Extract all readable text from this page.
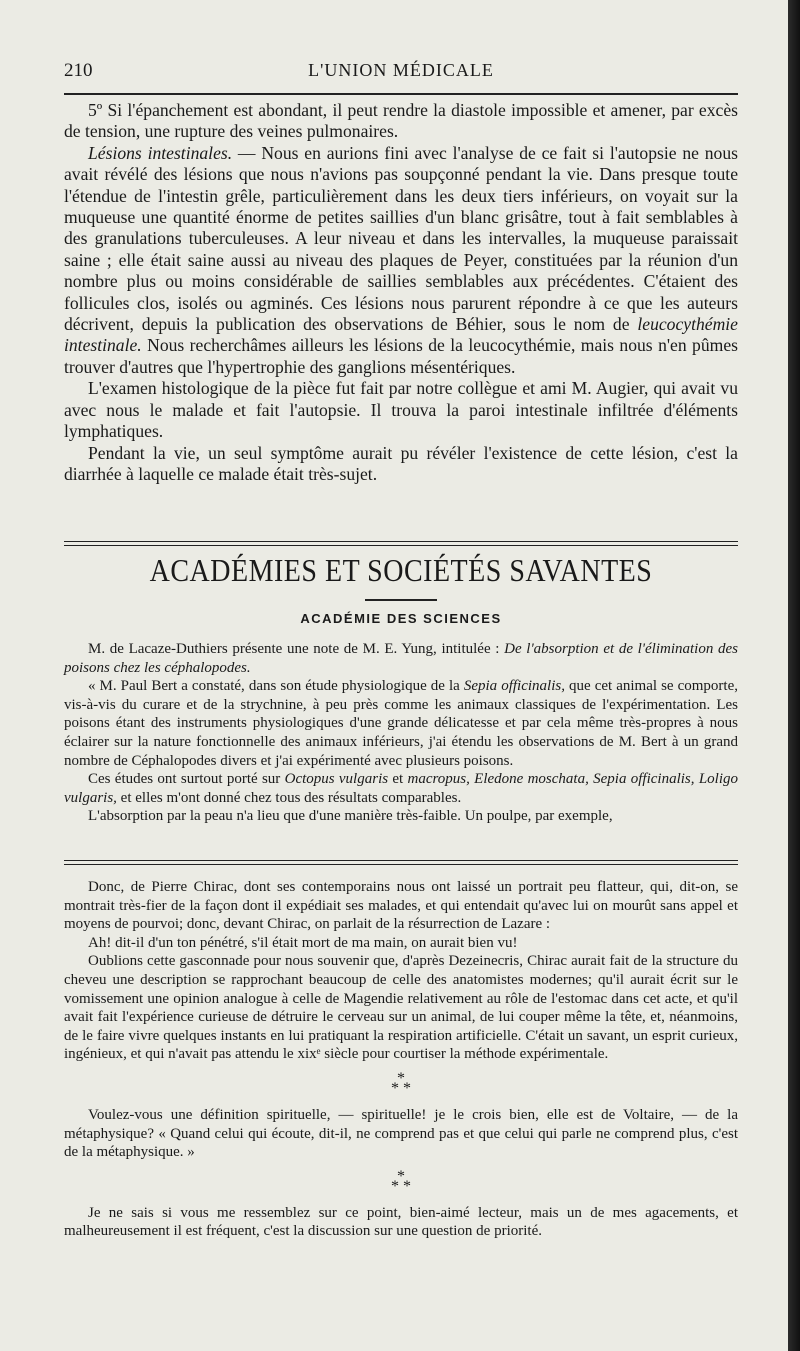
210	L'UNION MÉDICALE

5º Si l'épanchement est abondant, il peut rendre la diastole impossible et amener, par excès de tension, une rupture des veines pulmonaires.

Lésions intestinales. — Nous en aurions fini avec l'analyse de ce fait si l'autopsie ne nous avait révélé des lésions que nous n'avions pas soupçonné pendant la vie. Dans presque toute l'étendue de l'intestin grêle, particulièrement dans les deux tiers inférieurs, on voyait sur la muqueuse une quantité énorme de petites saillies d'un blanc grisâtre, tout à fait semblables à des granulations tuberculeuses. A leur niveau et dans les intervalles, la muqueuse paraissait saine ; elle était saine aussi au niveau des plaques de Peyer, constituées par la réunion d'un nombre plus ou moins considérable de saillies semblables aux précédentes. C'étaient des follicules clos, isolés ou agminés. Ces lésions nous parurent répondre à ce que les auteurs décrivent, depuis la publication des observations de Béhier, sous le nom de leucocythémie intestinale. Nous recherchâmes ailleurs les lésions de la leucocythémie, mais nous n'en pûmes trouver d'autres que l'hypertrophie des ganglions mésentériques.

L'examen histologique de la pièce fut fait par notre collègue et ami M. Augier, qui avait vu avec nous le malade et fait l'autopsie. Il trouva la paroi intestinale infiltrée d'éléments lymphatiques.

Pendant la vie, un seul symptôme aurait pu révéler l'existence de cette lésion, c'est la diarrhée à laquelle ce malade était très-sujet.

ACADÉMIES ET SOCIÉTÉS SAVANTES
ACADÉMIE DES SCIENCES

M. de Lacaze-Duthiers présente une note de M. E. Yung, intitulée : De l'absorption et de l'élimination des poisons chez les céphalopodes.

« M. Paul Bert a constaté, dans son étude physiologique de la Sepia officinalis, que cet animal se comporte, vis-à-vis du curare et de la strychnine, à peu près comme les animaux classiques de l'expérimentation. Les poisons étant des instruments physiologiques d'une grande délicatesse et par cela même très-propres à nous éclairer sur la nature fonctionnelle des animaux inférieurs, j'ai étendu les observations de M. Bert à un grand nombre de Céphalopodes divers et j'ai expérimenté avec plusieurs poisons.

Ces études ont surtout porté sur Octopus vulgaris et macropus, Eledone moschata, Sepia officinalis, Loligo vulgaris, et elles m'ont donné chez tous des résultats comparables.

L'absorption par la peau n'a lieu que d'une manière très-faible. Un poulpe, par exemple,

Donc, de Pierre Chirac, dont ses contemporains nous ont laissé un portrait peu flatteur, qui, dit-on, se montrait très-fier de la façon dont il expédiait ses malades, et qui entendait qu'avec lui on mourût sans appel et moyens de pourvoi; donc, devant Chirac, on parlait de la résurrection de Lazare :

Ah! dit-il d'un ton pénétré, s'il était mort de ma main, on aurait bien vu!

Oublions cette gasconnade pour nous souvenir que, d'après Dezeinecris, Chirac aurait fait de la structure du cheveu une description se rapprochant beaucoup de celle des anatomistes modernes; qu'il aurait écrit sur le vomissement une opinion analogue à celle de Magendie relativement au rôle de l'estomac dans cet acte, et qu'il avait fait l'expérience curieuse de détruire le cerveau sur un animal, de lui couper même la tête, et, néanmoins, de le faire vivre quelques instants en lui pratiquant la respiration artificielle. C'était un savant, un esprit curieux, ingénieux, et qui n'avait pas attendu le xixᵉ siècle pour courtiser la méthode expérimentale.

*
* *

Voulez-vous une définition spirituelle, — spirituelle! je le crois bien, elle est de Voltaire, — de la métaphysique? « Quand celui qui écoute, dit-il, ne comprend pas et que celui qui parle ne comprend plus, c'est de la métaphysique. »

*
* *

Je ne sais si vous me ressemblez sur ce point, bien-aimé lecteur, mais un de mes agacements, et malheureusement il est fréquent, c'est la discussion sur une question de priorité.
